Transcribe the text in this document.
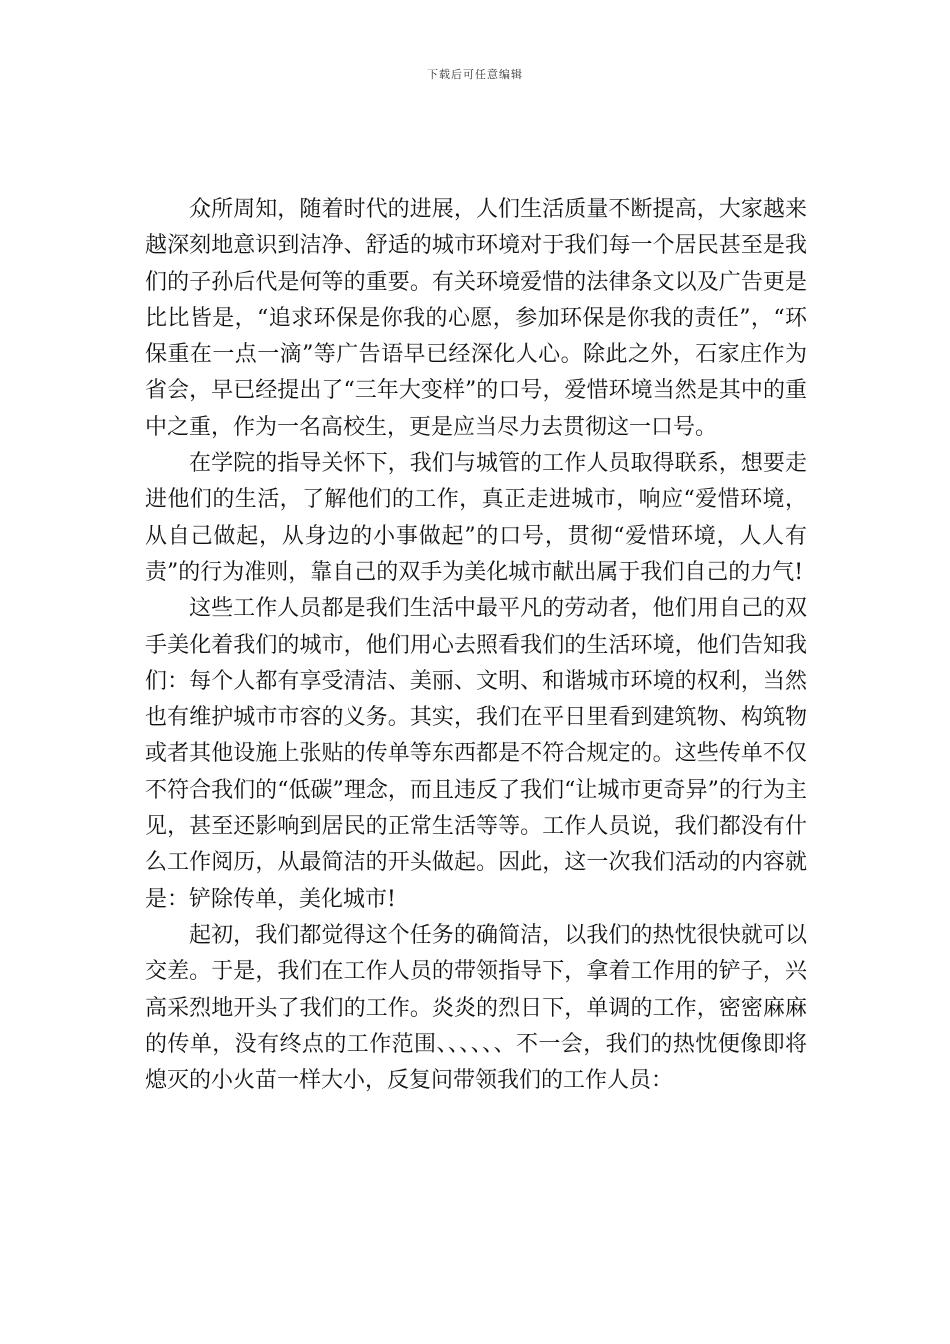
下载后可任意编辑

众所周知，随着时代的进展，人们生活质量不断提高，大家越来越深刻地意识到洁净、舒适的城市环境对于我们每一个居民甚至是我们的子孙后代是何等的重要。有关环境爱惜的法律条文以及广告更是比比皆是，“追求环保是你我的心愿，参加环保是你我的责任”，“环保重在一点一滴”等广告语早已经深化人心。除此之外，石家庄作为省会，早已经提出了“三年大变样”的口号，爱惜环境当然是其中的重中之重，作为一名高校生，更是应当尽力去贯彻这一口号。

在学院的指导关怀下，我们与城管的工作人员取得联系，想要走进他们的生活，了解他们的工作，真正走进城市，响应“爱惜环境，从自己做起，从身边的小事做起”的口号，贯彻“爱惜环境，人人有责”的行为准则，靠自己的双手为美化城市献出属于我们自己的力气!

这些工作人员都是我们生活中最平凡的劳动者，他们用自己的双手美化着我们的城市，他们用心去照看我们的生活环境，他们告知我们：每个人都有享受清洁、美丽、文明、和谐城市环境的权利，当然也有维护城市市容的义务。其实，我们在平日里看到建筑物、构筑物或者其他设施上张贴的传单等东西都是不符合规定的。这些传单不仅不符合我们的“低碳”理念，而且违反了我们“让城市更奇异”的行为主见，甚至还影响到居民的正常生活等等。工作人员说，我们都没有什么工作阅历，从最简洁的开头做起。因此，这一次我们活动的内容就是：铲除传单，美化城市!

起初，我们都觉得这个任务的确简洁，以我们的热忱很快就可以交差。于是，我们在工作人员的带领指导下，拿着工作用的铲子，兴高采烈地开头了我们的工作。炎炎的烈日下，单调的工作，密密麻麻的传单，没有终点的工作范围、、、、、、不一会，我们的热忱便像即将熄灭的小火苗一样大小，反复问带领我们的工作人员：
